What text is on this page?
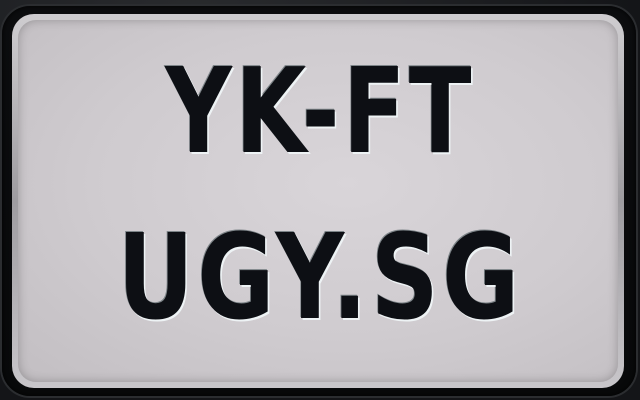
YK-FT
UGY.SG
